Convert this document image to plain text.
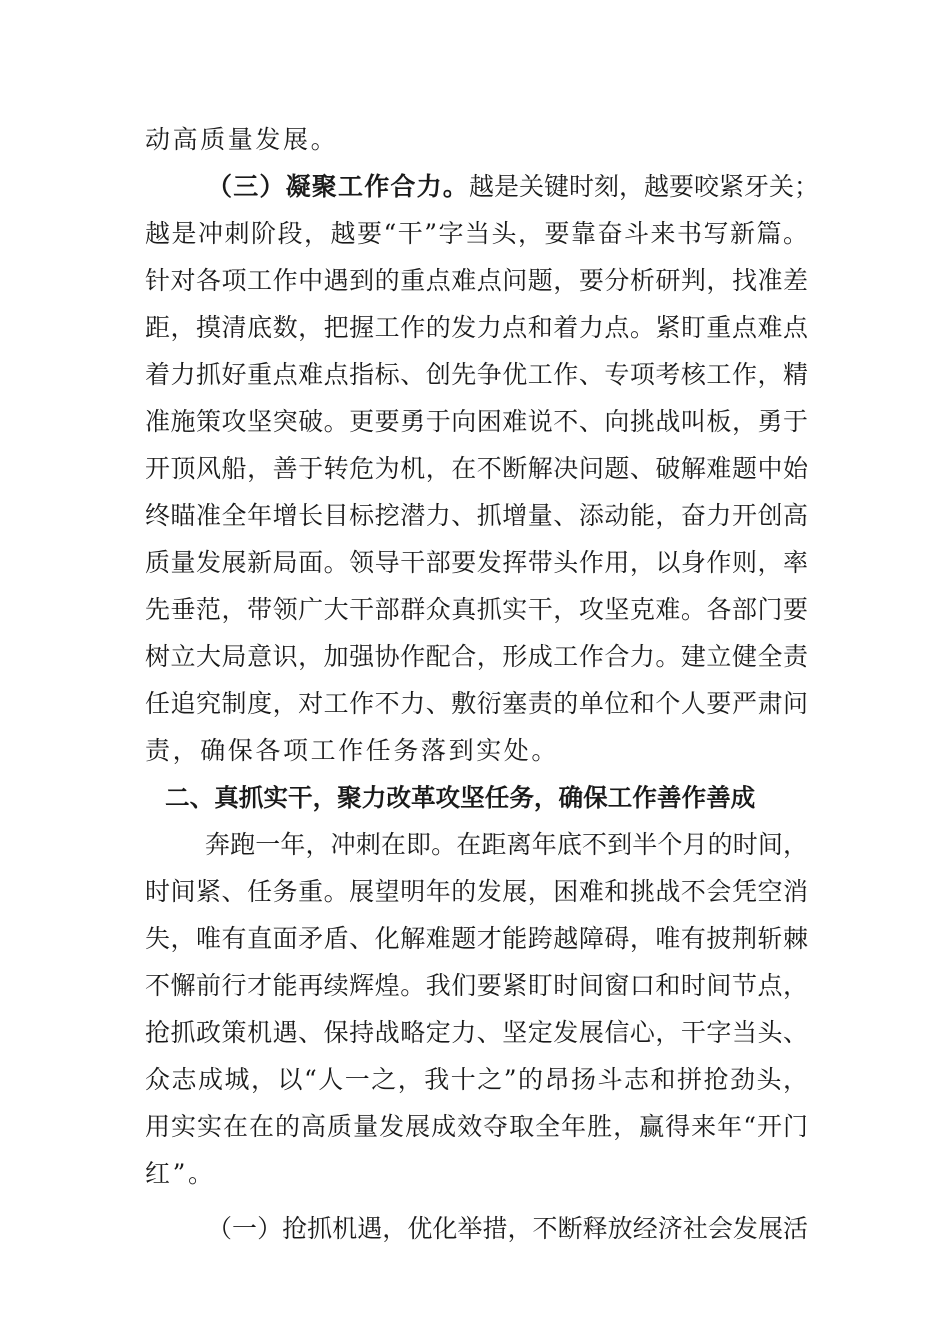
动高质量发展。
（三）凝聚工作合力。越是关键时刻，越要咬紧牙关；
越是冲刺阶段，越要“干”字当头，要靠奋斗来书写新篇。
针对各项工作中遇到的重点难点问题，要分析研判，找准差
距，摸清底数，把握工作的发力点和着力点。紧盯重点难点
着力抓好重点难点指标、创先争优工作、专项考核工作，精
准施策攻坚突破。更要勇于向困难说不、向挑战叫板，勇于
开顶风船，善于转危为机，在不断解决问题、破解难题中始
终瞄准全年增长目标挖潜力、抓增量、添动能，奋力开创高
质量发展新局面。领导干部要发挥带头作用，以身作则，率
先垂范，带领广大干部群众真抓实干，攻坚克难。各部门要
树立大局意识，加强协作配合，形成工作合力。建立健全责
任追究制度，对工作不力、敷衍塞责的单位和个人要严肃问
责，确保各项工作任务落到实处。
二、真抓实干，聚力改革攻坚任务，确保工作善作善成
奔跑一年，冲刺在即。在距离年底不到半个月的时间，
时间紧、任务重。展望明年的发展，困难和挑战不会凭空消
失，唯有直面矛盾、化解难题才能跨越障碍，唯有披荆斩棘
不懈前行才能再续辉煌。我们要紧盯时间窗口和时间节点，
抢抓政策机遇、保持战略定力、坚定发展信心，干字当头、
众志成城，以“人一之，我十之”的昂扬斗志和拼抢劲头，
用实实在在的高质量发展成效夺取全年胜，赢得来年“开门
红”。
（一）抢抓机遇，优化举措，不断释放经济社会发展活
